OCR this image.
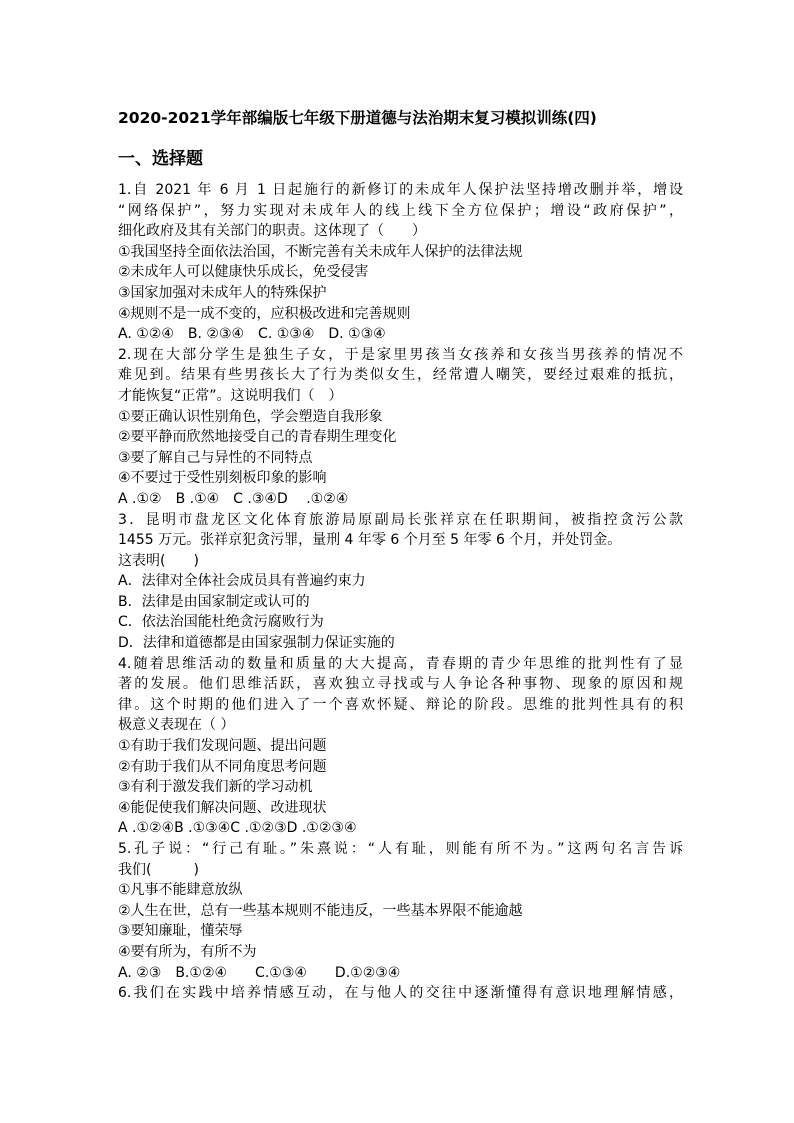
2020-2021学年部编版七年级下册道德与法治期末复习模拟训练(四)
一、选择题
1.自 2021 年 6 月 1 日起施行的新修订的未成年人保护法坚持增改删并举，增设
“网络保护”，努力实现对未成年人的线上线下全方位保护；增设“政府保护”，
细化政府及其有关部门的职责。这体现了（　　）
①我国坚持全面依法治国，不断完善有关未成年人保护的法律法规
②未成年人可以健康快乐成长，免受侵害
③国家加强对未成年人的特殊保护
④规则不是一成不变的，应积极改进和完善规则
A. ①②④　B. ②③④　C. ①③④　D. ①③④
2.现在大部分学生是独生子女，于是家里男孩当女孩养和女孩当男孩养的情况不
难见到。结果有些男孩长大了行为类似女生，经常遭人嘲笑，要经过艰难的抵抗，
才能恢复“正常”。这说明我们（　）
①要正确认识性别角色，学会塑造自我形象
②要平静而欣然地接受自己的青春期生理变化
③要了解自己与异性的不同特点
④不要过于受性别刻板印象的影响
A .①②　B .①④　C .③④D　 .①②④
3．昆明市盘龙区文化体育旅游局原副局长张祥京在任职期间，被指控贪污公款
1455 万元。张祥京犯贪污罪，量刑 4 年零 6 个月至 5 年零 6 个月，并处罚金。
这表明(　　)
A．法律对全体社会成员具有普遍约束力
B．法律是由国家制定或认可的
C．依法治国能杜绝贪污腐败行为
D．法律和道德都是由国家强制力保证实施的
4.随着思维活动的数量和质量的大大提高，青春期的青少年思维的批判性有了显
著的发展。他们思维活跃，喜欢独立寻找或与人争论各种事物、现象的原因和规
律。这个时期的他们进入了一个喜欢怀疑、辩论的阶段。思维的批判性具有的积
极意义表现在（ ）
①有助于我们发现问题、提出问题
②有助于我们从不同角度思考问题
③有利于激发我们新的学习动机
④能促使我们解决问题、改进现状
A .①②④B .①③④C .①②③D .①②③④
5.孔子说：“行己有耻。”朱熹说：“人有耻，则能有所不为。”这两句名言告诉
我们(　　　)
①凡事不能肆意放纵
②人生在世，总有一些基本规则不能违反，一些基本界限不能逾越
③要知廉耻，懂荣辱
④要有所为，有所不为
A. ②③　B.①②④　　C.①③④　　D.①②③④
6.我们在实践中培养情感互动，在与他人的交往中逐渐懂得有意识地理解情感，
